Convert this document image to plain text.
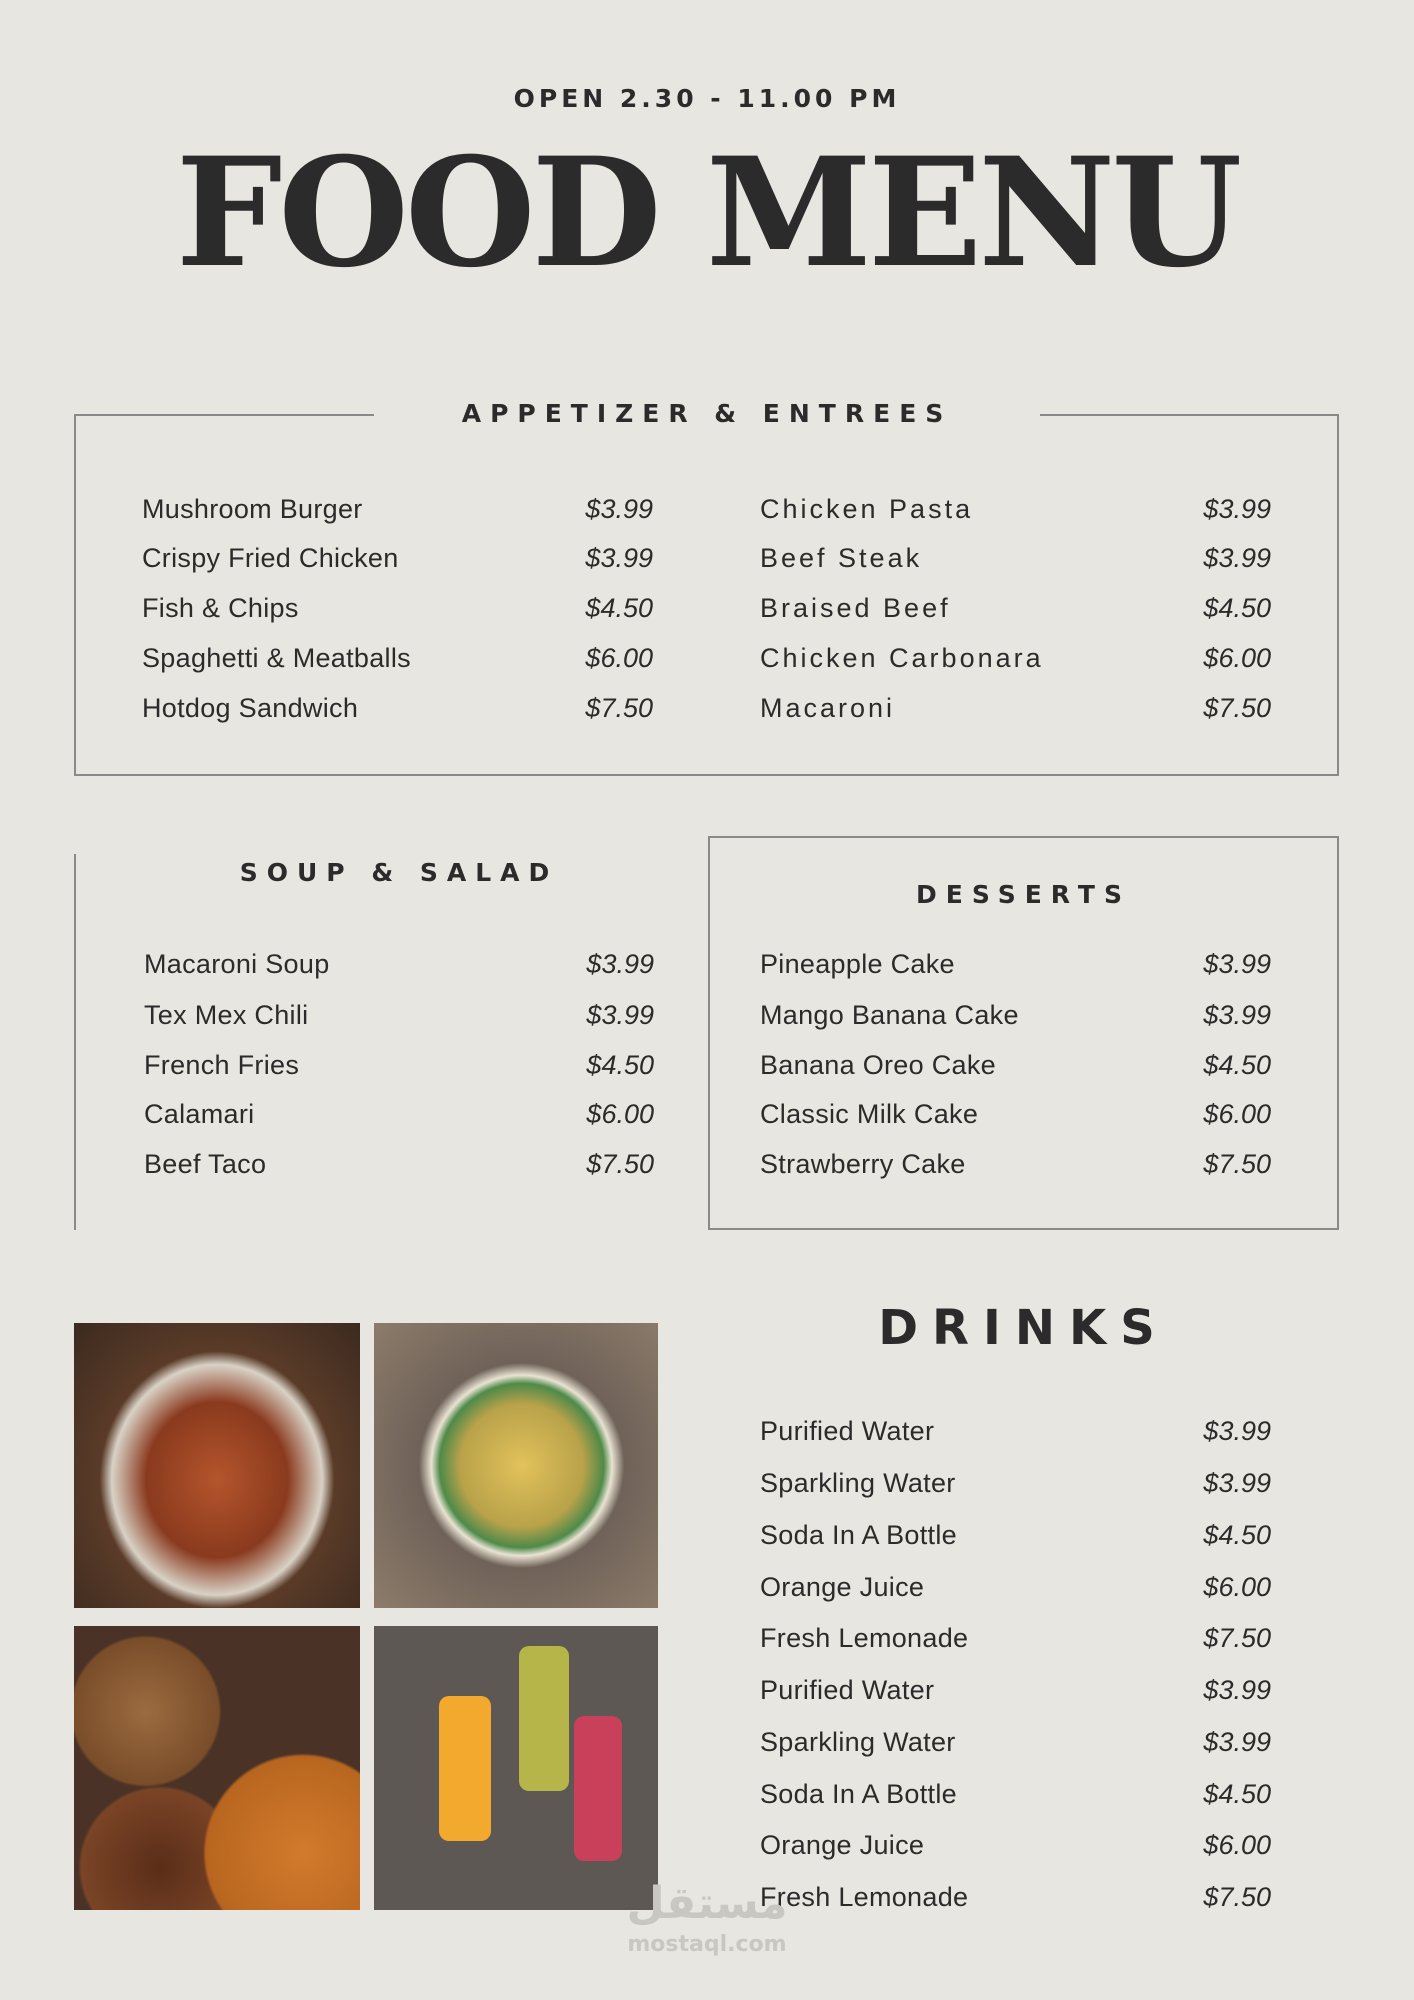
OPEN 2.30 - 11.00 PM
FOOD MENU
APPETIZER & ENTREES
SOUP & SALAD
DESSERTS
DRINKS
Mushroom Burger	$3.99
Crispy Fried Chicken	$3.99
Fish & Chips	$4.50
Spaghetti & Meatballs	$6.00
Hotdog Sandwich	$7.50
Chicken Pasta	$3.99
Beef Steak	$3.99
Braised Beef	$4.50
Chicken Carbonara	$6.00
Macaroni	$7.50
Macaroni Soup	$3.99
Tex Mex Chili	$3.99
French Fries	$4.50
Calamari	$6.00
Beef Taco	$7.50
Pineapple Cake	$3.99
Mango Banana Cake	$3.99
Banana Oreo Cake	$4.50
Classic Milk Cake	$6.00
Strawberry Cake	$7.50
Purified Water	$3.99
Sparkling Water	$3.99
Soda In A Bottle	$4.50
Orange Juice	$6.00
Fresh Lemonade	$7.50
Purified Water	$3.99
Sparkling Water	$3.99
Soda In A Bottle	$4.50
Orange Juice	$6.00
Fresh Lemonade	$7.50
مستقل
mostaql.com
